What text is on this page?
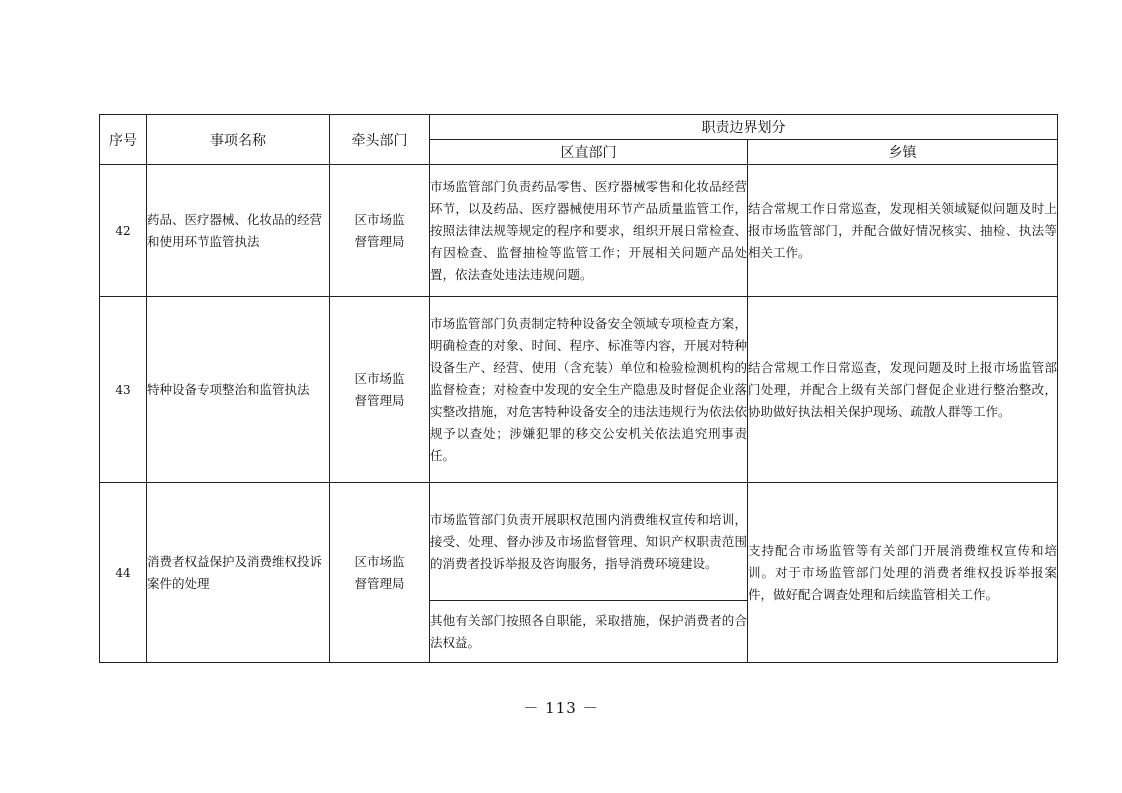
序号	事项名称	牵头部门	职责边界划分	
			区直部门	乡镇
42	药品、医疗器械、化妆品的经营和使用环节监管执法	区市场监督管理局	市场监管部门负责药品零售、医疗器械零售和化妆品经营环节，以及药品、医疗器械使用环节产品质量监管工作，按照法律法规等规定的程序和要求，组织开展日常检查、有因检查、监督抽检等监管工作；开展相关问题产品处置，依法查处违法违规问题。	结合常规工作日常巡查，发现相关领域疑似问题及时上报市场监管部门，并配合做好情况核实、抽检、执法等相关工作。
43	特种设备专项整治和监管执法	区市场监督管理局	市场监管部门负责制定特种设备安全领域专项检查方案，明确检查的对象、时间、程序、标准等内容，开展对特种设备生产、经营、使用（含充装）单位和检验检测机构的监督检查；对检查中发现的安全生产隐患及时督促企业落实整改措施，对危害特种设备安全的违法违规行为依法依规予以查处；涉嫌犯罪的移交公安机关依法追究刑事责任。	结合常规工作日常巡查，发现问题及时上报市场监管部门处理，并配合上级有关部门督促企业进行整治整改，协助做好执法相关保护现场、疏散人群等工作。
44	消费者权益保护及消费维权投诉案件的处理	区市场监督管理局	市场监管部门负责开展职权范围内消费维权宣传和培训，接受、处理、督办涉及市场监督管理、知识产权职责范围的消费者投诉举报及咨询服务，指导消费环境建设。	支持配合市场监管等有关部门开展消费维权宣传和培训。对于市场监管部门处理的消费者维权投诉举报案件，做好配合调查处理和后续监管相关工作。
			其他有关部门按照各自职能，采取措施，保护消费者的合法权益。	
－ 113 －
